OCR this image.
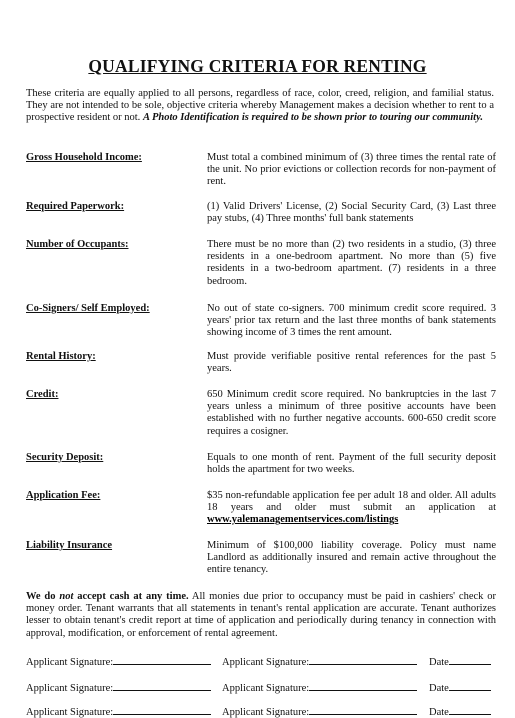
QUALIFYING CRITERIA FOR RENTING
These criteria are equally applied to all persons, regardless of race, color, creed, religion, and familial status. They are not intended to be sole, objective criteria whereby Management makes a decision whether to rent to a prospective resident or not. A Photo Identification is required to be shown prior to touring our community.
Gross Household Income:	Must total a combined minimum of (3) three times the rental rate of the unit. No prior evictions or collection records for non-payment of rent.
Required Paperwork:	(1) Valid Drivers' License, (2) Social Security Card, (3) Last three pay stubs, (4) Three months' full bank statements
Number of Occupants:	There must be no more than (2) two residents in a studio, (3) three residents in a one-bedroom apartment. No more than (5) five residents in a two-bedroom apartment. (7) residents in a three bedroom.
Co-Signers/ Self Employed:	No out of state co-signers. 700 minimum credit score required. 3 years' prior tax return and the last three months of bank statements showing income of 3 times the rent amount.
Rental History:	Must provide verifiable positive rental references for the past 5 years.
Credit:	650 Minimum credit score required. No bankruptcies in the last 7 years unless a minimum of three positive accounts have been established with no further negative accounts. 600-650 credit score requires a cosigner.
Security Deposit:	Equals to one month of rent. Payment of the full security deposit holds the apartment for two weeks.
Application Fee:	$35 non-refundable application fee per adult 18 and older. All adults 18 years and older must submit an application at www.yalemanagementservices.com/listings
Liability Insurance	Minimum of $100,000 liability coverage. Policy must name Landlord as additionally insured and remain active throughout the entire tenancy.
We do not accept cash at any time. All monies due prior to occupancy must be paid in cashiers' check or money order. Tenant warrants that all statements in tenant's rental application are accurate. Tenant authorizes lesser to obtain tenant's credit report at time of application and periodically during tenancy in connection with approval, modification, or enforcement of rental agreement.
Applicant Signature:	Applicant Signature:	Date
Applicant Signature:	Applicant Signature:	Date
Applicant Signature:	Applicant Signature:	Date
